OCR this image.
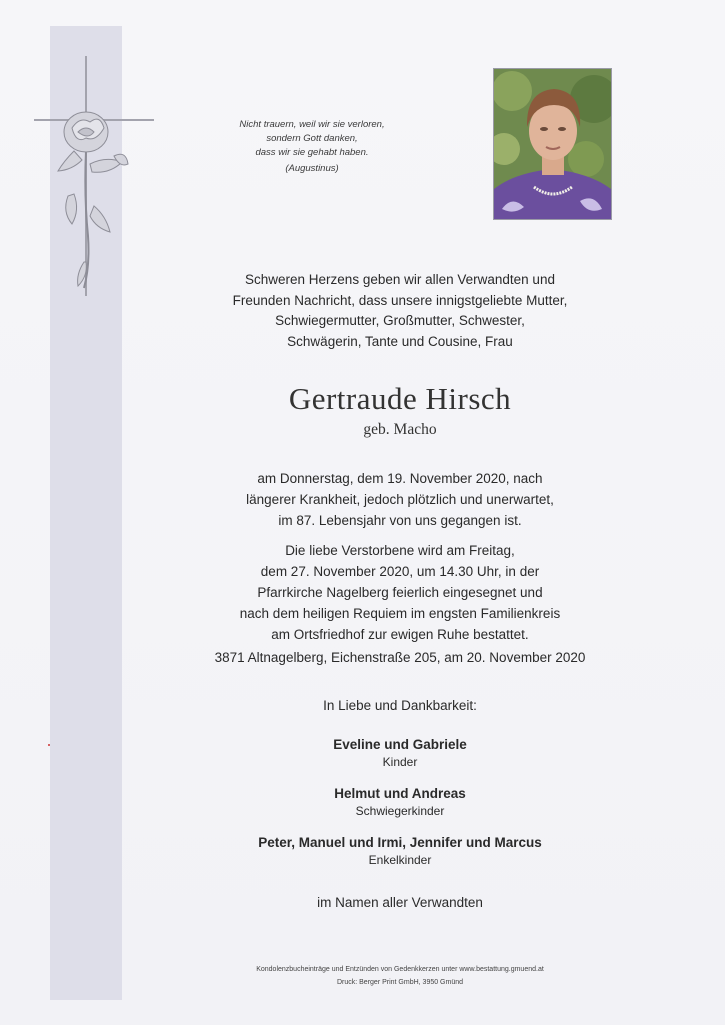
Nicht trauern, weil wir sie verloren,
sondern Gott danken,
dass wir sie gehabt haben.
(Augustinus)
Schweren Herzens geben wir allen Verwandten und
Freunden Nachricht, dass unsere innigstgeliebte Mutter,
Schwiegermutter, Großmutter, Schwester,
Schwägerin, Tante und Cousine, Frau
Gertraude Hirsch
geb. Macho
am Donnerstag, dem 19. November 2020, nach
längerer Krankheit, jedoch plötzlich und unerwartet,
im 87. Lebensjahr von uns gegangen ist.
Die liebe Verstorbene wird am Freitag,
dem 27. November 2020, um 14.30 Uhr, in der
Pfarrkirche Nagelberg feierlich eingesegnet und
nach dem heiligen Requiem im engsten Familienkreis
am Ortsfriedhof zur ewigen Ruhe bestattet.
3871 Altnagelberg, Eichenstraße 205, am 20. November 2020
In Liebe und Dankbarkeit:
Eveline und Gabriele
Kinder
Helmut und Andreas
Schwiegerkinder
Peter, Manuel und Irmi, Jennifer und Marcus
Enkelkinder
im Namen aller Verwandten
Kondolenzbucheinträge und Entzünden von Gedenkkerzen unter www.bestattung.gmuend.at
Druck: Berger Print GmbH, 3950 Gmünd
